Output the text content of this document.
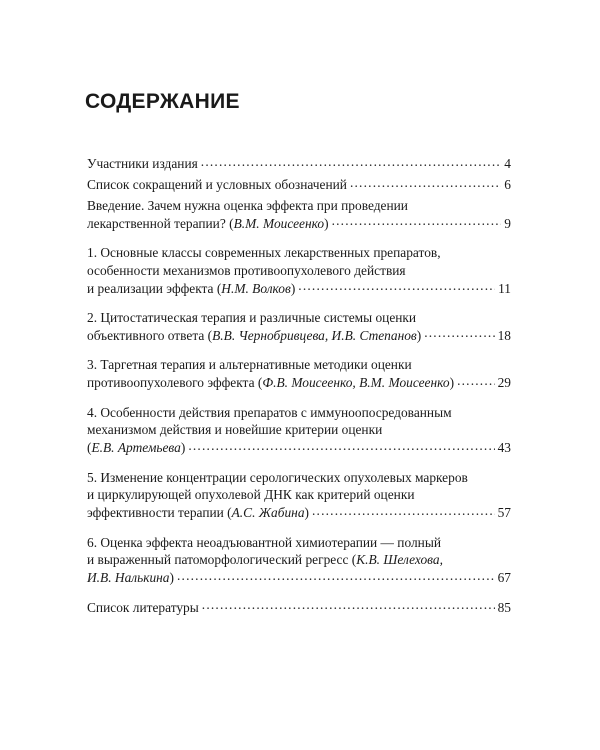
СОДЕРЖАНИЕ
Участники издания .....	4
Список сокращений и условных обозначений .....	6
Введение. Зачем нужна оценка эффекта при проведении
лекарственной терапии? (В.М. Моисеенко) .....	9
1. Основные классы современных лекарственных препаратов,
особенности механизмов противоопухолевого действия
и реализации эффекта (Н.М. Волков) .....	11
2. Цитостатическая терапия и различные системы оценки
объективного ответа (В.В. Чернобривцева, И.В. Степанов) .....	18
3. Таргетная терапия и альтернативные методики оценки
противоопухолевого эффекта (Ф.В. Моисеенко, В.М. Моисеенко) .....	29
4. Особенности действия препаратов с иммуноопосредованным
механизмом действия и новейшие критерии оценки
(Е.В. Артемьева) .....	43
5. Изменение концентрации серологических опухолевых маркеров
и циркулирующей опухолевой ДНК как критерий оценки
эффективности терапии (А.С. Жабина) .....	57
6. Оценка эффекта неоадъювантной химиотерапии — полный
и выраженный патоморфологический регресс (К.В. Шелехова,
И.В. Налькина) .....	67
Список литературы .....	85
